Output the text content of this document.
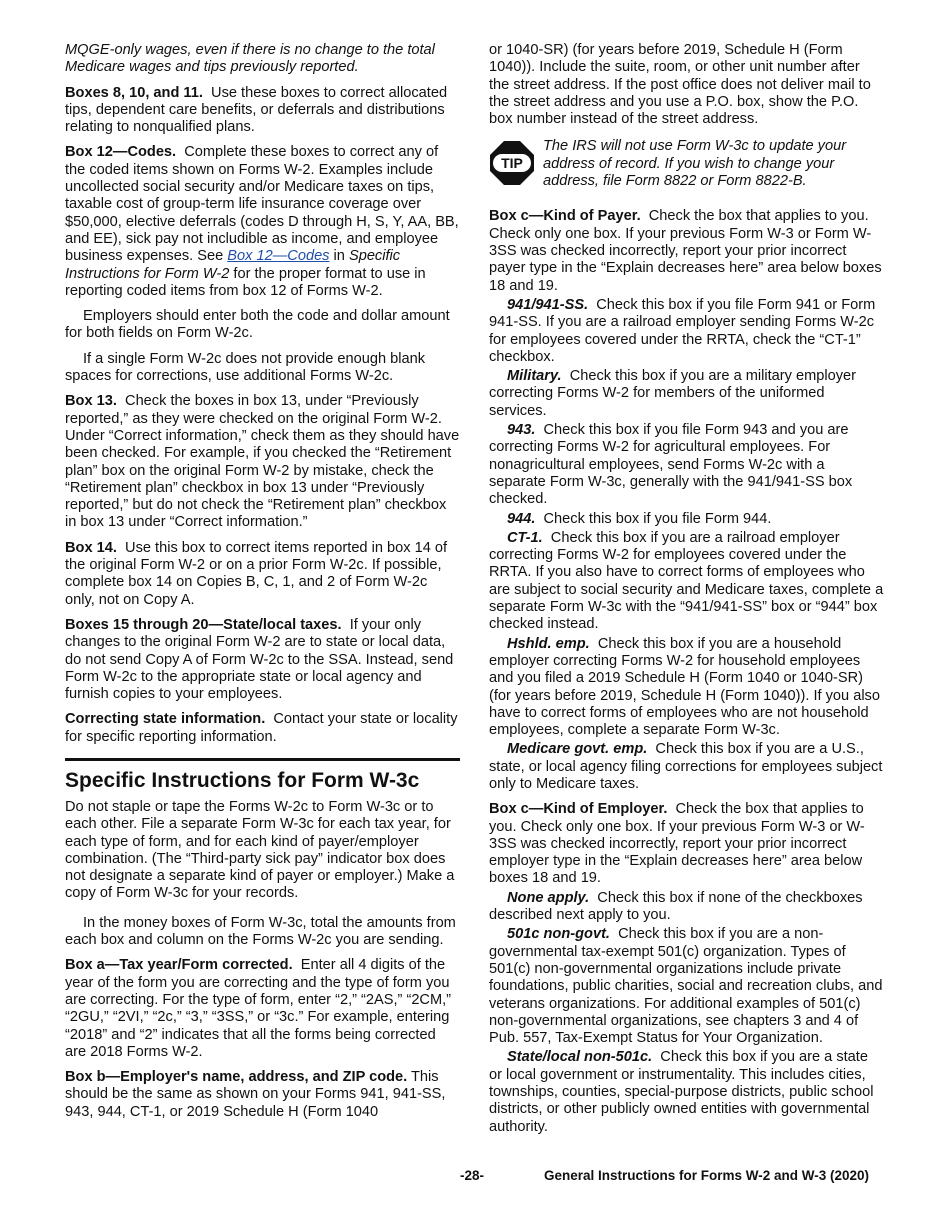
MQGE-only wages, even if there is no change to the total Medicare wages and tips previously reported.

Boxes 8, 10, and 11. Use these boxes to correct allocated tips, dependent care benefits, or deferrals and distributions relating to nonqualified plans.

Box 12—Codes. Complete these boxes to correct any of the coded items shown on Forms W-2. Examples include uncollected social security and/or Medicare taxes on tips, taxable cost of group-term life insurance coverage over $50,000, elective deferrals (codes D through H, S, Y, AA, BB, and EE), sick pay not includible as income, and employee business expenses. See Box 12—Codes in Specific Instructions for Form W-2 for the proper format to use in reporting coded items from box 12 of Forms W-2.

Employers should enter both the code and dollar amount for both fields on Form W-2c.

If a single Form W-2c does not provide enough blank spaces for corrections, use additional Forms W-2c.

Box 13. Check the boxes in box 13, under “Previously reported,” as they were checked on the original Form W-2. Under “Correct information,” check them as they should have been checked. For example, if you checked the “Retirement plan” box on the original Form W-2 by mistake, check the “Retirement plan” checkbox in box 13 under “Previously reported,” but do not check the “Retirement plan” checkbox in box 13 under “Correct information.”

Box 14. Use this box to correct items reported in box 14 of the original Form W-2 or on a prior Form W-2c. If possible, complete box 14 on Copies B, C, 1, and 2 of Form W-2c only, not on Copy A.

Boxes 15 through 20—State/local taxes. If your only changes to the original Form W-2 are to state or local data, do not send Copy A of Form W-2c to the SSA. Instead, send Form W-2c to the appropriate state or local agency and furnish copies to your employees.

Correcting state information. Contact your state or locality for specific reporting information.

Specific Instructions for Form W-3c

Do not staple or tape the Forms W-2c to Form W-3c or to each other. File a separate Form W-3c for each tax year, for each type of form, and for each kind of payer/employer combination. (The “Third-party sick pay” indicator box does not designate a separate kind of payer or employer.) Make a copy of Form W-3c for your records.

In the money boxes of Form W-3c, total the amounts from each box and column on the Forms W-2c you are sending.

Box a—Tax year/Form corrected. Enter all 4 digits of the year of the form you are correcting and the type of form you are correcting. For the type of form, enter “2,” “2AS,” “2CM,” “2GU,” “2VI,” “2c,” “3,” “3SS,” or “3c.” For example, entering “2018” and “2” indicates that all the forms being corrected are 2018 Forms W-2.

Box b—Employer's name, address, and ZIP code. This should be the same as shown on your Forms 941, 941-SS, 943, 944, CT-1, or 2019 Schedule H (Form 1040

or 1040-SR) (for years before 2019, Schedule H (Form 1040)). Include the suite, room, or other unit number after the street address. If the post office does not deliver mail to the street address and you use a P.O. box, show the P.O. box number instead of the street address.

TIP
The IRS will not use Form W-3c to update your address of record. If you wish to change your address, file Form 8822 or Form 8822-B.

Box c—Kind of Payer. Check the box that applies to you. Check only one box. If your previous Form W-3 or Form W-3SS was checked incorrectly, report your prior incorrect payer type in the “Explain decreases here” area below boxes 18 and 19.

941/941-SS. Check this box if you file Form 941 or Form 941-SS. If you are a railroad employer sending Forms W-2c for employees covered under the RRTA, check the “CT-1” checkbox.

Military. Check this box if you are a military employer correcting Forms W-2 for members of the uniformed services.

943. Check this box if you file Form 943 and you are correcting Forms W-2 for agricultural employees. For nonagricultural employees, send Forms W-2c with a separate Form W-3c, generally with the 941/941-SS box checked.

944. Check this box if you file Form 944.

CT-1. Check this box if you are a railroad employer correcting Forms W-2 for employees covered under the RRTA. If you also have to correct forms of employees who are subject to social security and Medicare taxes, complete a separate Form W-3c with the “941/941-SS” box or “944” box checked instead.

Hshld. emp. Check this box if you are a household employer correcting Forms W-2 for household employees and you filed a 2019 Schedule H (Form 1040 or 1040-SR) (for years before 2019, Schedule H (Form 1040)). If you also have to correct forms of employees who are not household employees, complete a separate Form W-3c.

Medicare govt. emp. Check this box if you are a U.S., state, or local agency filing corrections for employees subject only to Medicare taxes.

Box c—Kind of Employer. Check the box that applies to you. Check only one box. If your previous Form W-3 or W-3SS was checked incorrectly, report your prior incorrect employer type in the “Explain decreases here” area below boxes 18 and 19.

None apply. Check this box if none of the checkboxes described next apply to you.

501c non-govt. Check this box if you are a non-governmental tax-exempt 501(c) organization. Types of 501(c) non-governmental organizations include private foundations, public charities, social and recreation clubs, and veterans organizations. For additional examples of 501(c) non-governmental organizations, see chapters 3 and 4 of Pub. 557, Tax-Exempt Status for Your Organization.

State/local non-501c. Check this box if you are a state or local government or instrumentality. This includes cities, townships, counties, special-purpose districts, public school districts, or other publicly owned entities with governmental authority.

-28-	General Instructions for Forms W-2 and W-3 (2020)
